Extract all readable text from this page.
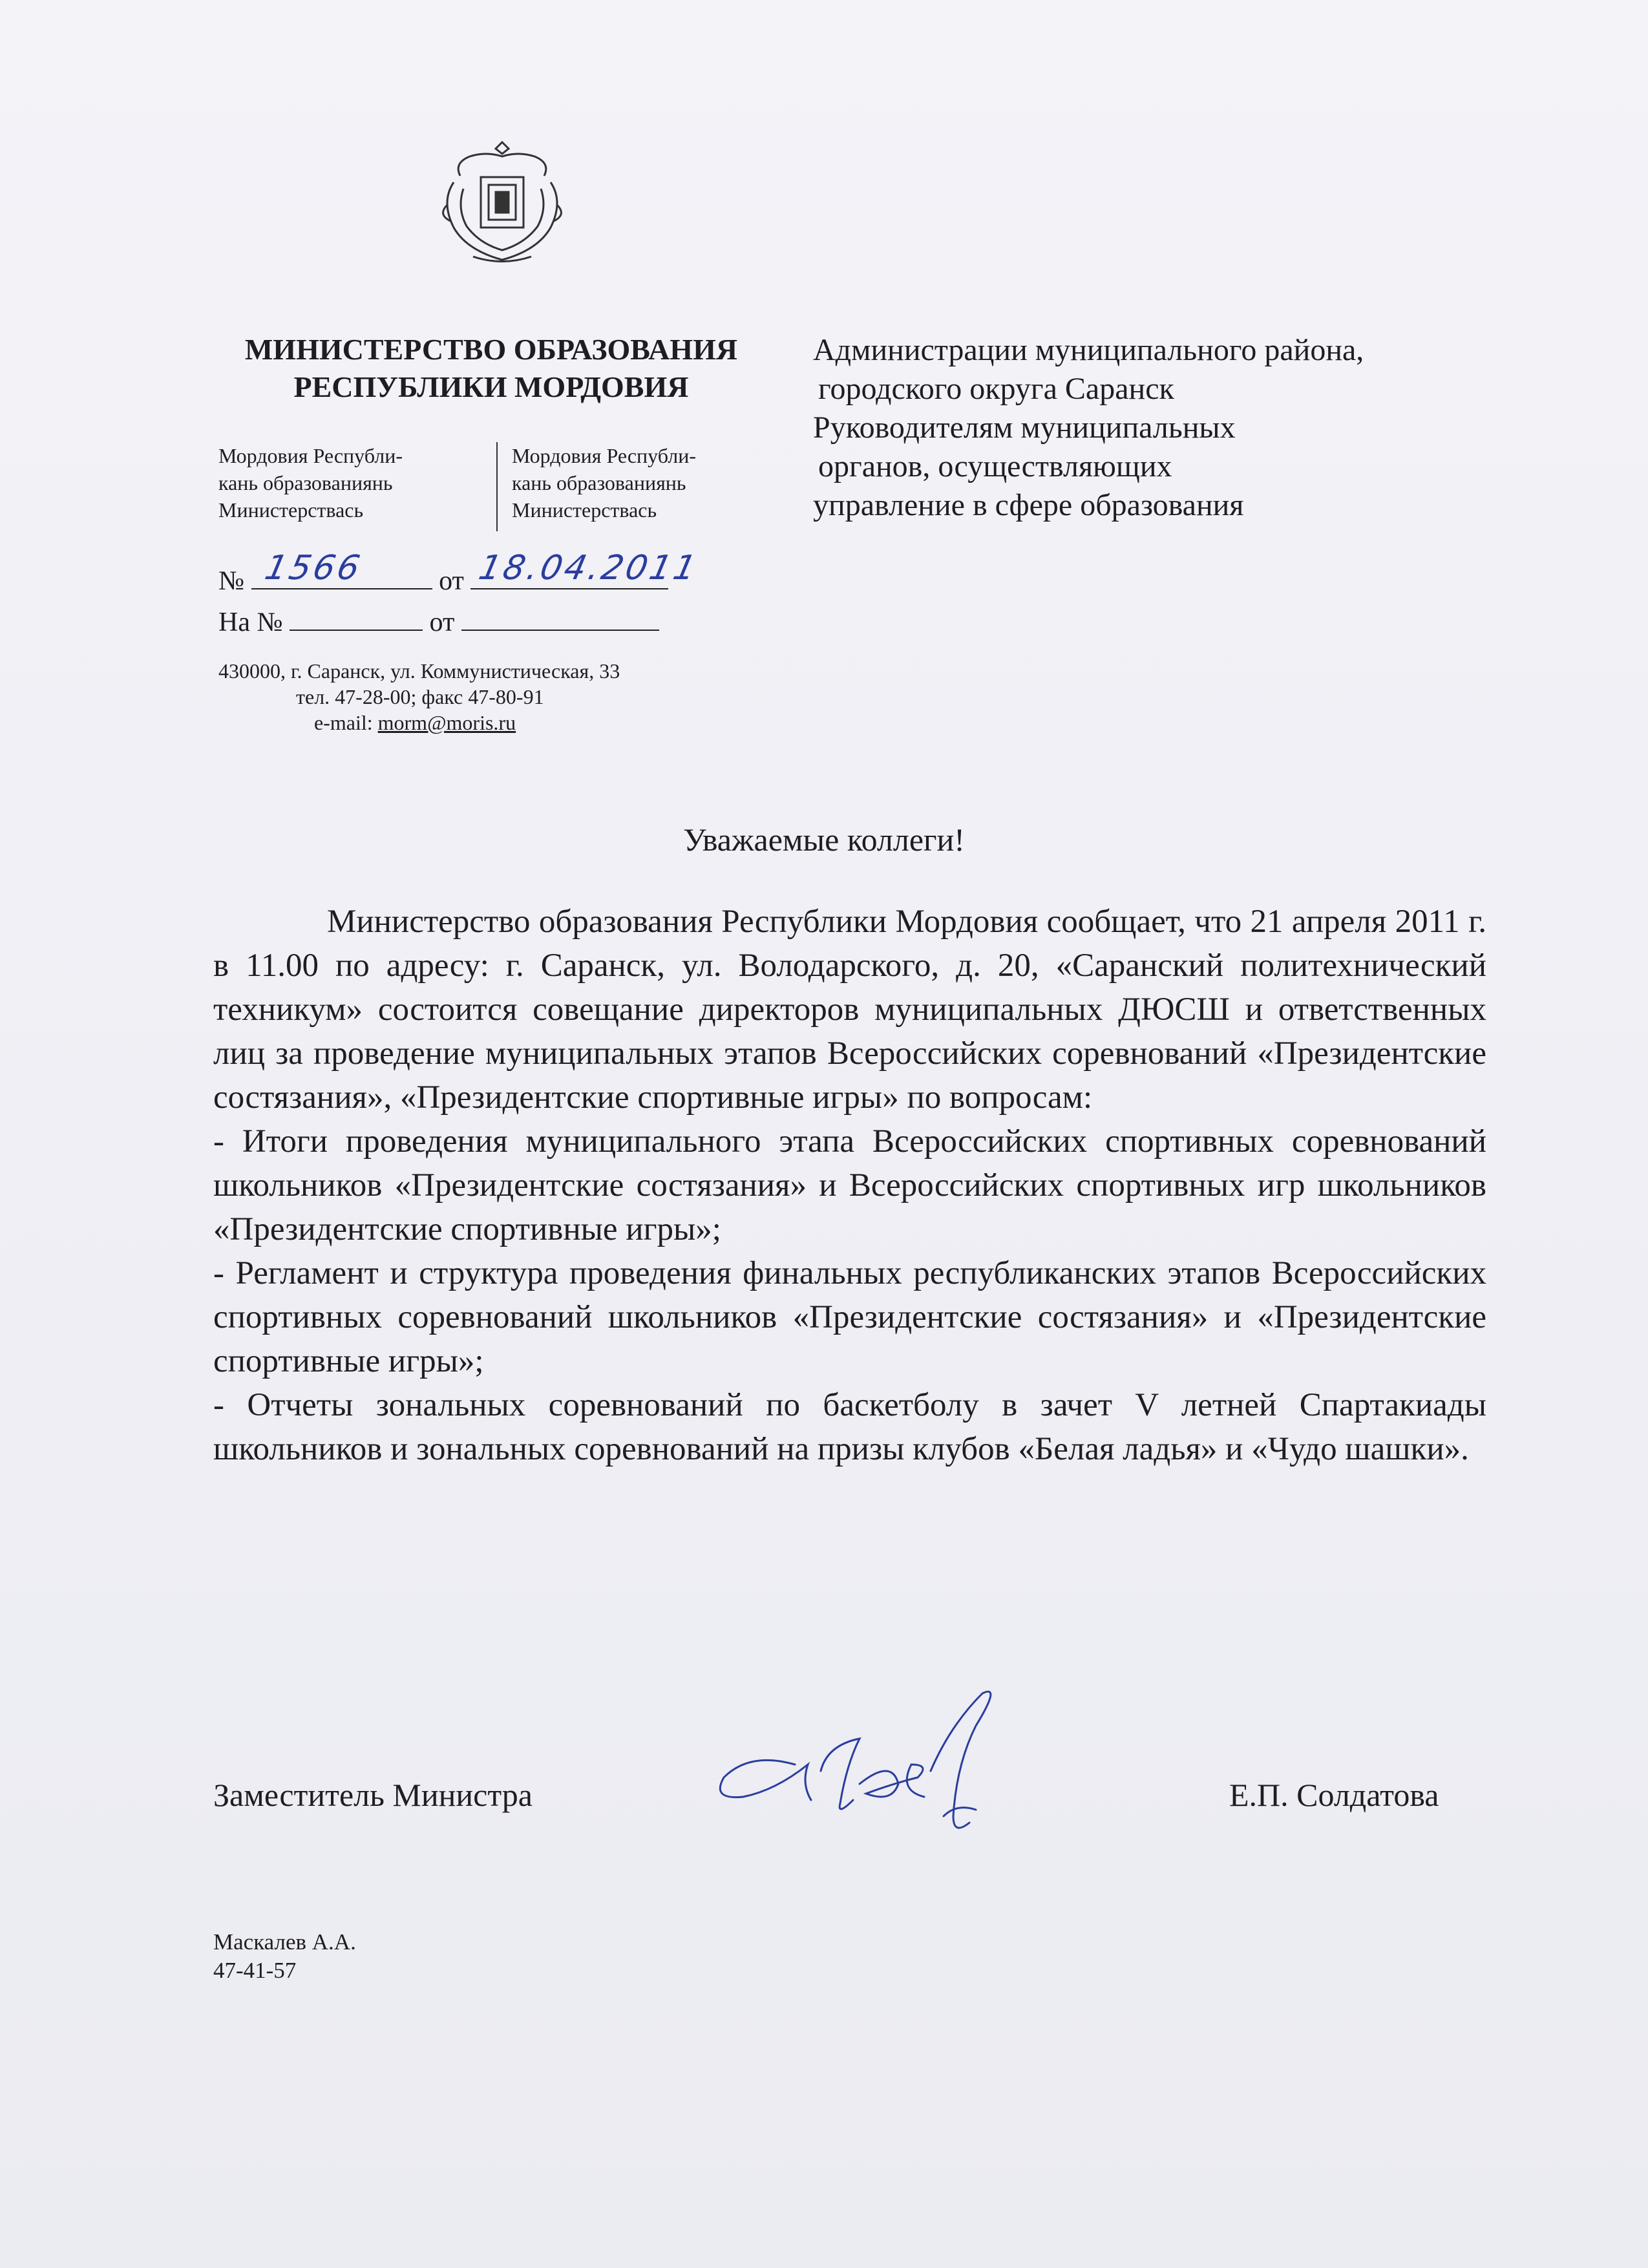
МИНИСТЕРСТВО ОБРАЗОВАНИЯ
РЕСПУБЛИКИ МОРДОВИЯ
Мордовия Республи-
кань образованиянь
Министерствась
Мордовия Республи-
кань образованиянь
Министерствась
№ 1566	от 18.04.2011
На №	от
430000, г. Саранск, ул. Коммунистическая, 33
тел. 47-28-00; факс 47-80-91
e-mail: morm@moris.ru
Администрации муниципального района,
городского округа Саранск
Руководителям муниципальных
органов, осуществляющих
управление в сфере образования
Уважаемые коллеги!

Министерство образования Республики Мордовия сообщает, что 21 апреля 2011 г. в 11.00 по адресу: г. Саранск, ул. Володарского, д. 20, «Саранский политехнический техникум» состоится совещание директоров муниципальных ДЮСШ и ответственных лиц за проведение муниципальных этапов Всероссийских соревнований «Президентские состязания», «Президентские спортивные игры» по вопросам:

- Итоги проведения муниципального этапа Всероссийских спортивных соревнований школьников «Президентские состязания» и Всероссийских спортивных игр школьников «Президентские спортивные игры»;

- Регламент и структура проведения финальных республиканских этапов Всероссийских спортивных соревнований школьников «Президентские состязания» и «Президентские спортивные игры»;

- Отчеты зональных соревнований по баскетболу в зачет V летней Спартакиады школьников и зональных соревнований на призы клубов «Белая ладья» и «Чудо шашки».

Заместитель Министра	Е.П. Солдатова
Маскалев А.А.
47-41-57
